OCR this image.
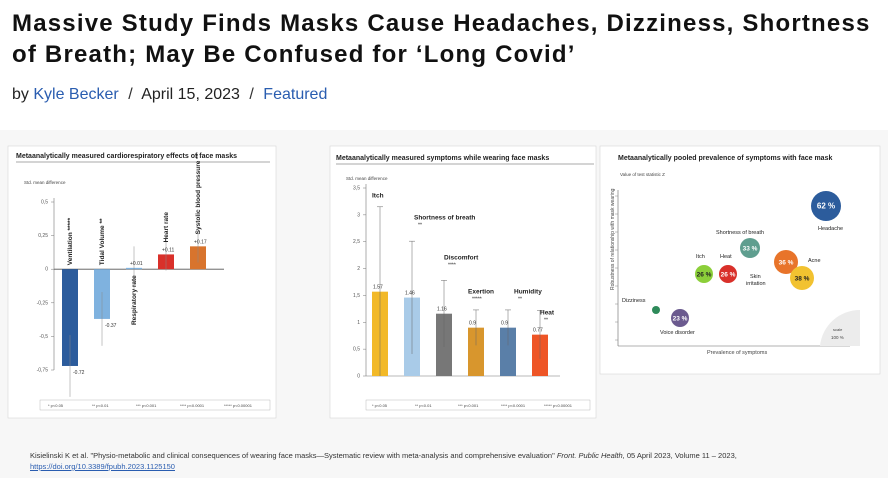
Massive Study Finds Masks Cause Headaches, Dizziness, Shortness of Breath; May Be Confused for ‘Long Covid’
by Kyle Becker / April 15, 2023 / Featured
Metaanalytically measured cardiorespiratory effects of face masks
Std. mean difference
0,5
0,25
0
-0,25
-0,5
-0,75	-0.72
Ventilation *****
-0.37
Tidal Volume **	+0.01
Respiratory rate
+0.11
Heart rate	+0.17
Systolic blood pressure **
* p<0.05	** p<0.01	*** p<0.001	**** p<0.0001	***** p<0.00001
Metaanalytically measured symptoms while wearing face masks
Std. mean difference
3,5
3
2,5
2
1,5
1
0,5
0
1.57
Itch
1.46
Shortness of breath
**
1.16
Discomfort
****
0.9
Exertion
*****
0.9
Humidity
**
0.77
Heat
**
* p<0.05	** p<0.01	*** p<0.001	**** p<0.0001	***** p<0.00001
Metaanalytically pooled prevalence of symptoms with face mask
Value of test statistic Z
Robustness of relationship with mask wearing
Prevalence of symptoms
scale
100 %
62 %
Headache
33 %
Shortness of breath
36 %	Acne
26 %
Itch
26 %
Heat
Skin
irritation
38 %
5 %
Dizziness
23 %
Voice disorder
Kisielinski K et al. "Physio-metabolic and clinical consequences of wearing face masks—Systematic review with meta-analysis and comprehensive evaluation" Front. Public Health, 05 April 2023, Volume 11 – 2023, https://doi.org/10.3389/fpubh.2023.1125150
